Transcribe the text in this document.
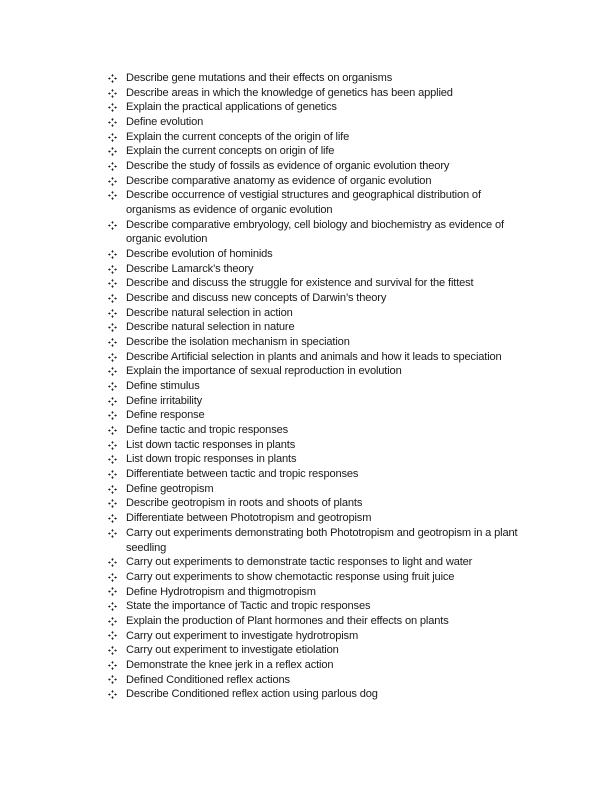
Describe gene mutations and their effects on organisms
Describe areas in which the knowledge of genetics has been applied
Explain the practical applications of genetics
Define evolution
Explain the current concepts of the origin of life
Explain the current concepts on origin of life
Describe the study of fossils as evidence of organic evolution theory
Describe comparative anatomy as evidence of organic evolution
Describe occurrence of vestigial structures and geographical distribution of organisms as evidence of organic evolution
Describe comparative embryology, cell biology and biochemistry as evidence of organic evolution
Describe evolution of hominids
Describe Lamarck’s theory
Describe and discuss the struggle for existence and survival for the fittest
Describe and discuss new concepts of Darwin’s theory
Describe natural selection in action
Describe natural selection in nature
Describe the isolation mechanism in speciation
Describe Artificial selection in plants and animals and how it leads to speciation
Explain the importance of sexual reproduction in evolution
Define stimulus
Define irritability
Define response
Define tactic and tropic responses
List down tactic responses in plants
List down tropic responses in plants
Differentiate between tactic and tropic responses
Define geotropism
Describe geotropism in roots and shoots of plants
Differentiate between Phototropism and geotropism
Carry out experiments demonstrating both Phototropism and geotropism in a plant seedling
Carry out experiments to demonstrate tactic responses to light and water
Carry out experiments to show chemotactic response using fruit juice
Define Hydrotropism and thigmotropism
State the importance of Tactic and tropic responses
Explain the production of Plant hormones and their effects on plants
Carry out experiment to investigate hydrotropism
Carry out experiment to investigate etiolation
Demonstrate the knee jerk in a reflex action
Defined Conditioned reflex actions
Describe Conditioned reflex action using parlous dog
